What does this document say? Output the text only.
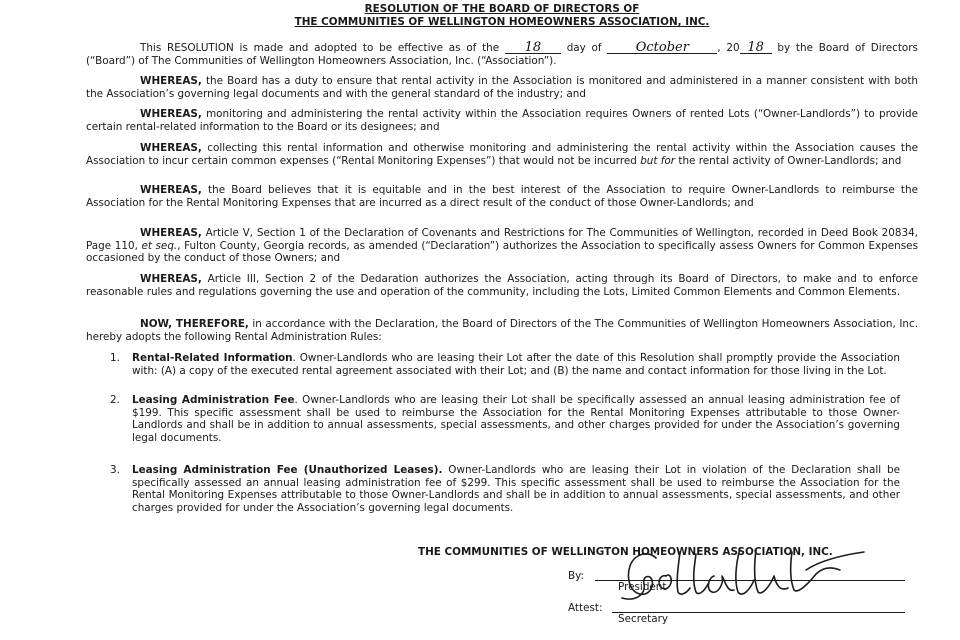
RESOLUTION OF THE BOARD OF DIRECTORS OF
THE COMMUNITIES OF WELLINGTON HOMEOWNERS ASSOCIATION, INC.

This RESOLUTION is made and adopted to be effective as of the 18 day of	October	, 20 18 by the Board of Directors (“Board”) of The Communities of Wellington Homeowners Association, Inc. (“Association”).

WHEREAS, the Board has a duty to ensure that rental activity in the Association is monitored and administered in a manner consistent with both the Association’s governing legal documents and with the general standard of the industry; and

WHEREAS, monitoring and administering the rental activity within the Association requires Owners of rented Lots (“Owner-Landlords”) to provide certain rental-related information to the Board or its designees; and

WHEREAS, collecting this rental information and otherwise monitoring and administering the rental activity within the Association causes the Association to incur certain common expenses (“Rental Monitoring Expenses”) that would not be incurred but for the rental activity of Owner-Landlords; and

WHEREAS, the Board believes that it is equitable and in the best interest of the Association to require Owner-Landlords to reimburse the Association for the Rental Monitoring Expenses that are incurred as a direct result of the conduct of those Owner-Landlords; and

WHEREAS, Article V, Section 1 of the Declaration of Covenants and Restrictions for The Communities of Wellington, recorded in Deed Book 20834, Page 110, et seq., Fulton County, Georgia records, as amended (“Declaration”) authorizes the Association to specifically assess Owners for Common Expenses occasioned by the conduct of those Owners; and

WHEREAS, Article III, Section 2 of the Dedaration authorizes the Association, acting through its Board of Directors, to make and to enforce reasonable rules and regulations governing the use and operation of the community, including the Lots, Limited Common Elements and Common Elements.

NOW, THEREFORE, in accordance with the Declaration, the Board of Directors of the The Communities of Wellington Homeowners Association, Inc. hereby adopts the following Rental Administration Rules:

1.	Rental-Related Information. Owner-Landlords who are leasing their Lot after the date of this Resolution shall promptly provide the Association with: (A) a copy of the executed rental agreement associated with their Lot; and (B) the name and contact information for those living in the Lot.
2.	Leasing Administration Fee. Owner-Landlords who are leasing their Lot shall be specifically assessed an annual leasing administration fee of $199. This specific assessment shall be used to reimburse the Association for the Rental Monitoring Expenses attributable to those Owner-Landlords and shall be in addition to annual assessments, special assessments, and other charges provided for under the Association’s governing legal documents.
3.	Leasing Administration Fee (Unauthorized Leases). Owner-Landlords who are leasing their Lot in violation of the Declaration shall be specifically assessed an annual leasing administration fee of $299. This specific assessment shall be used to reimburse the Association for the Rental Monitoring Expenses attributable to those Owner-Landlords and shall be in addition to annual assessments, special assessments, and other charges provided for under the Association’s governing legal documents.
THE COMMUNITIES OF WELLINGTON HOMEOWNERS ASSOCIATION, INC.
By:
President
Attest:
Secretary
